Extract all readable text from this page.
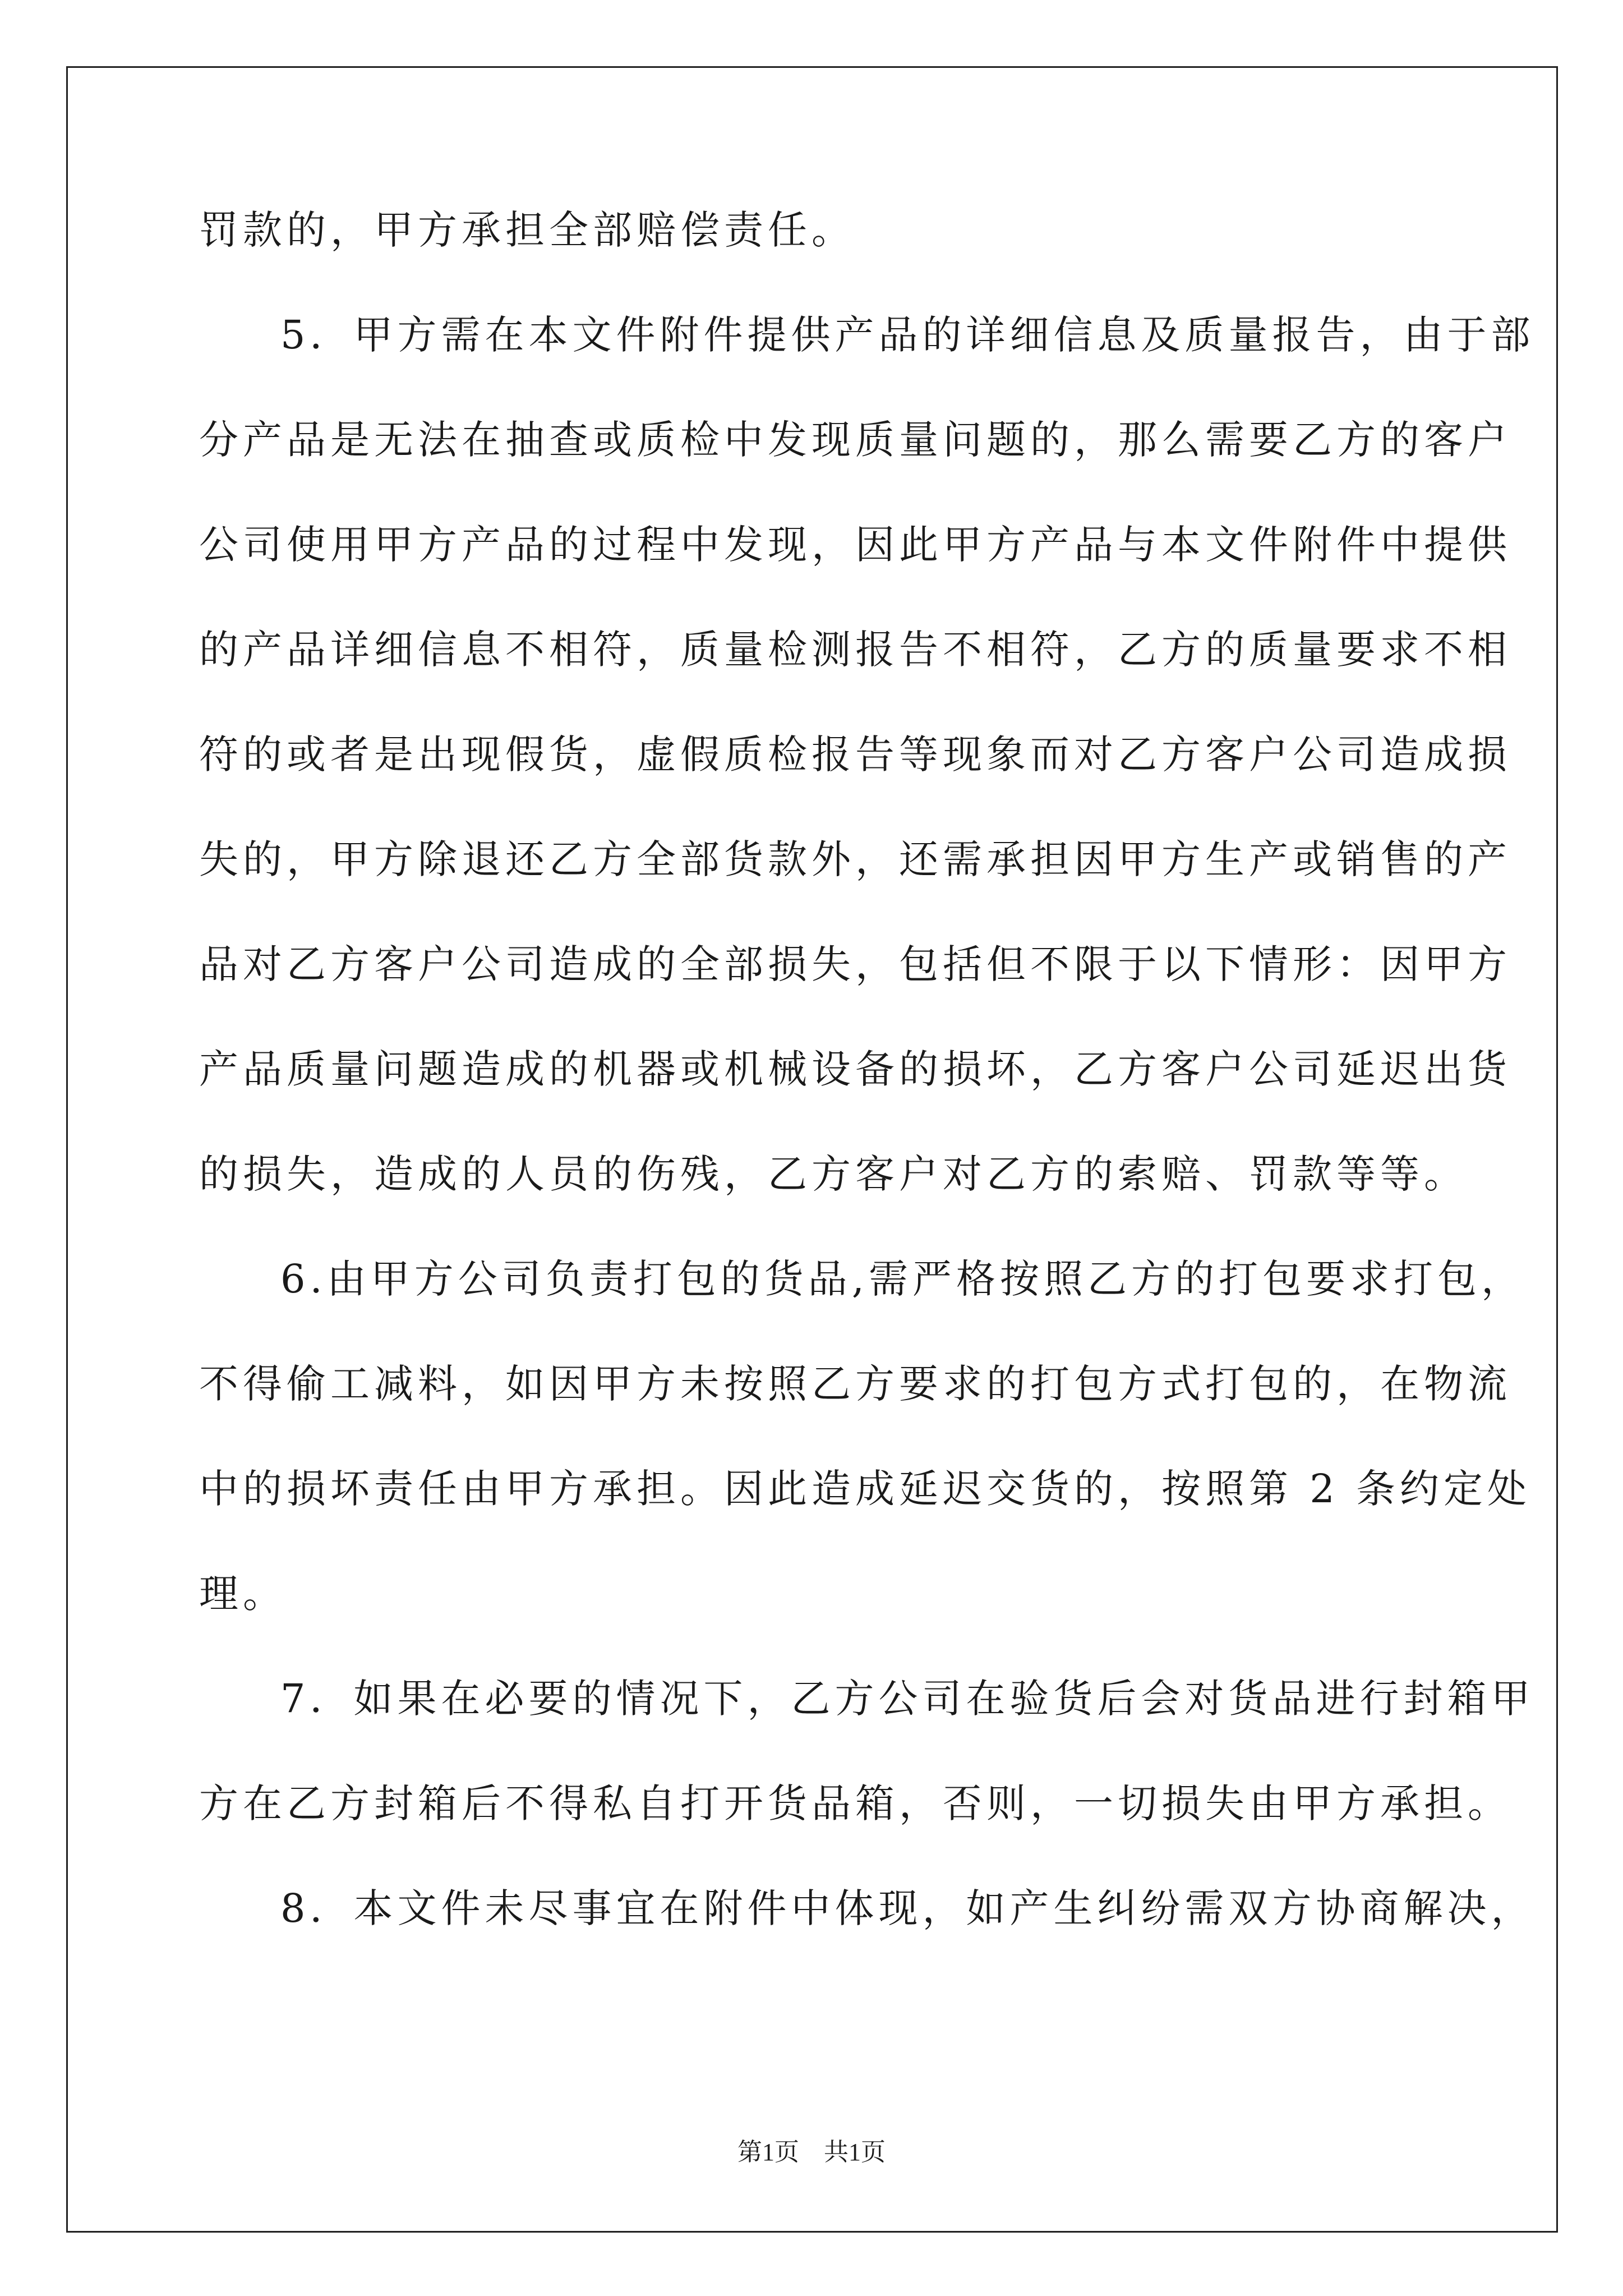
罚款的，甲方承担全部赔偿责任。
5．甲方需在本文件附件提供产品的详细信息及质量报告，由于部
分产品是无法在抽查或质检中发现质量问题的，那么需要乙方的客户
公司使用甲方产品的过程中发现，因此甲方产品与本文件附件中提供
的产品详细信息不相符，质量检测报告不相符，乙方的质量要求不相
符的或者是出现假货，虚假质检报告等现象而对乙方客户公司造成损
失的，甲方除退还乙方全部货款外，还需承担因甲方生产或销售的产
品对乙方客户公司造成的全部损失，包括但不限于以下情形：因甲方
产品质量问题造成的机器或机械设备的损坏，乙方客户公司延迟出货
的损失，造成的人员的伤残，乙方客户对乙方的索赔、罚款等等。
6.由甲方公司负责打包的货品,需严格按照乙方的打包要求打包，
不得偷工减料，如因甲方未按照乙方要求的打包方式打包的，在物流
中的损坏责任由甲方承担。因此造成延迟交货的，按照第 2 条约定处
理。
7．如果在必要的情况下，乙方公司在验货后会对货品进行封箱甲
方在乙方封箱后不得私自打开货品箱，否则，一切损失由甲方承担。
8．本文件未尽事宜在附件中体现，如产生纠纷需双方协商解决，
第1页　共1页
